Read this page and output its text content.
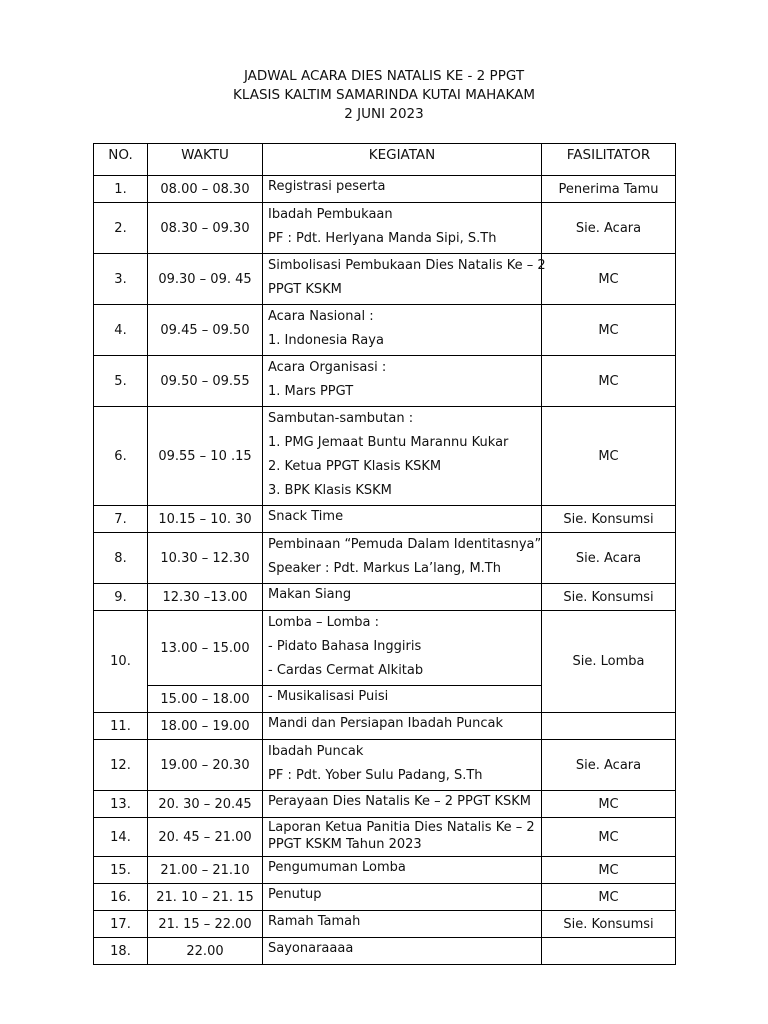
JADWAL ACARA DIES NATALIS KE - 2 PPGT
KLASIS KALTIM SAMARINDA KUTAI MAHAKAM
2 JUNI 2023
NO.	WAKTU	KEGIATAN	FASILITATOR
1.	08.00 – 08.30	Registrasi peserta	Penerima Tamu
2.	08.30 – 09.30	Ibadah Pembukaan
PF : Pdt. Herlyana Manda Sipi, S.Th	Sie. Acara
3.	09.30 – 09. 45	Simbolisasi Pembukaan Dies Natalis Ke – 2
PPGT KSKM	MC
4.	09.45 – 09.50	Acara Nasional :
1. Indonesia Raya	MC
5.	09.50 – 09.55	Acara Organisasi :
1. Mars PPGT	MC
6.	09.55 – 10 .15	Sambutan-sambutan :
1. PMG Jemaat Buntu Marannu Kukar
2. Ketua PPGT Klasis KSKM
3. BPK Klasis KSKM	MC
7.	10.15 – 10. 30	Snack Time	Sie. Konsumsi
8.	10.30 – 12.30	Pembinaan “Pemuda Dalam Identitasnya”
Speaker : Pdt. Markus La’lang, M.Th	Sie. Acara
9.	12.30 –13.00	Makan Siang	Sie. Konsumsi
10.	13.00 – 15.00	Lomba – Lomba :
- Pidato Bahasa Inggiris
- Cardas Cermat Alkitab	Sie. Lomba
	15.00 – 18.00	- Musikalisasi Puisi	

11.	18.00 – 19.00	Mandi dan Persiapan Ibadah Puncak	

12.	19.00 – 20.30	Ibadah Puncak
PF : Pdt. Yober Sulu Padang, S.Th	Sie. Acara
13.	20. 30 – 20.45	Perayaan Dies Natalis Ke – 2 PPGT KSKM	MC
14.	20. 45 – 21.00	Laporan Ketua Panitia Dies Natalis Ke – 2
PPGT KSKM Tahun 2023	MC
15.	21.00 – 21.10	Pengumuman Lomba	MC
16.	21. 10 – 21. 15	Penutup	MC
17.	21. 15 – 22.00	Ramah Tamah	Sie. Konsumsi
18.	22.00	Sayonaraaaa	
